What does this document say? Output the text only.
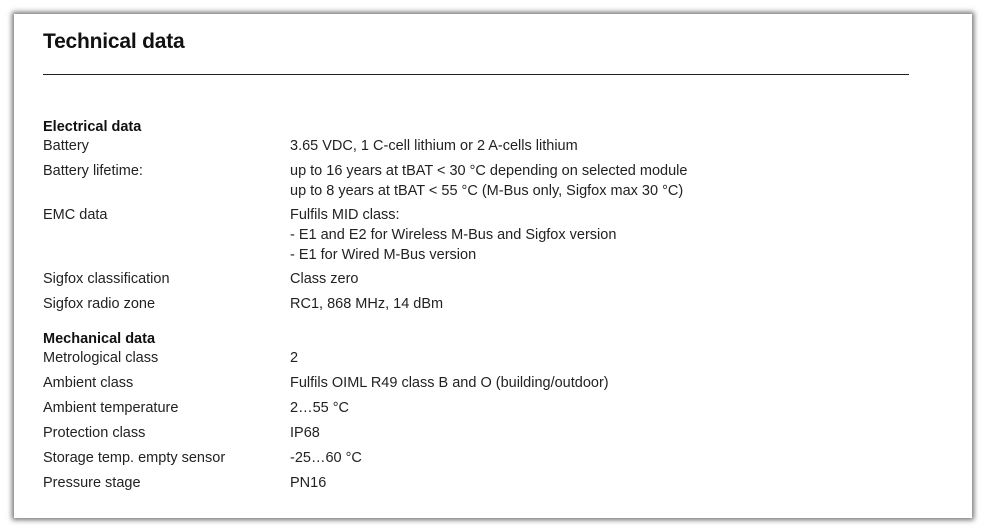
Technical data
Electrical data
Battery	3.65 VDC, 1 C-cell lithium or 2 A-cells lithium
Battery lifetime:	up to 16 years at tBAT < 30 °C depending on selected module
up to 8 years at tBAT < 55 °C (M-Bus only, Sigfox max 30 °C)
EMC data	Fulfils MID class:
- E1 and E2 for Wireless M-Bus and Sigfox version
- E1 for Wired M-Bus version
Sigfox classification	Class zero
Sigfox radio zone	RC1, 868 MHz, 14 dBm
Mechanical data
Metrological class	2
Ambient class	Fulfils OIML R49 class B and O (building/outdoor)
Ambient temperature	2…55 °C
Protection class	IP68
Storage temp. empty sensor	-25…60 °C
Pressure stage	PN16
